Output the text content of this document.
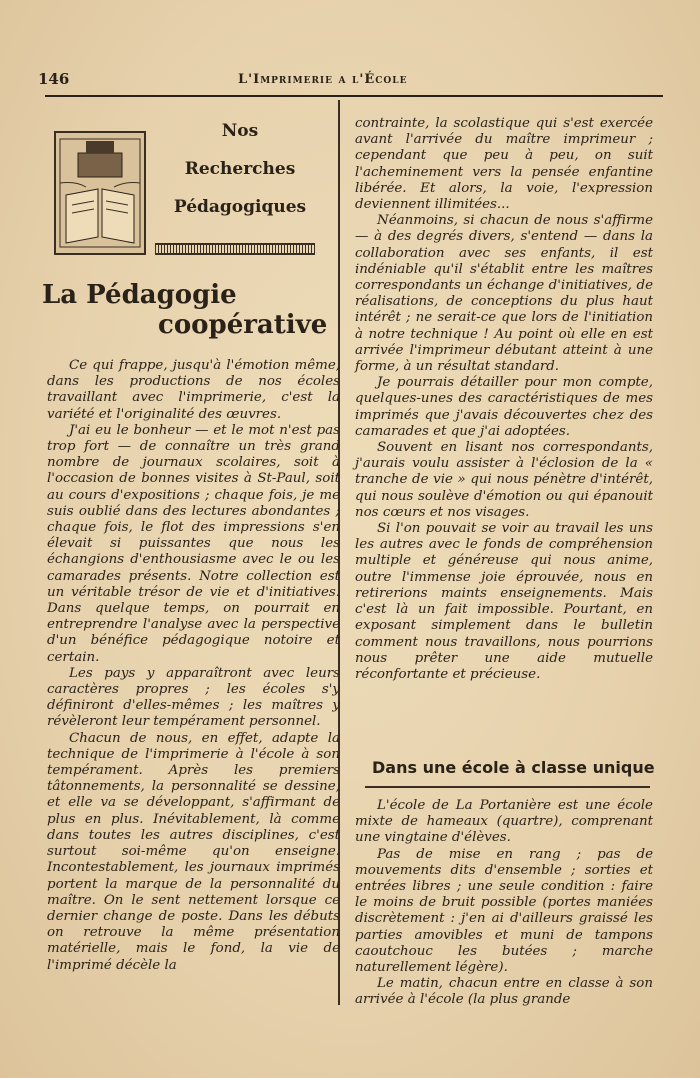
146	L'Imprimerie a l'École
Nos
Recherches
Pédagogiques
La Pédagogie
coopérative

Ce qui frappe, jusqu'à l'émotion même, dans les productions de nos écoles travaillant avec l'imprimerie, c'est la variété et l'originalité des œuvres.

J'ai eu le bonheur — et le mot n'est pas trop fort — de connaître un très grand nombre de journaux scolaires, soit à l'occasion de bonnes visites à St-Paul, soit au cours d'expositions ; chaque fois, je me suis oublié dans des lectures abondantes ; chaque fois, le flot des impressions s'en élevait si puissantes que nous les échangions d'enthousiasme avec le ou les camarades présents. Notre collection est un véritable trésor de vie et d'initiatives. Dans quelque temps, on pourrait en entreprendre l'analyse avec la perspective d'un bénéfice pédagogique notoire et certain.

Les pays y apparaîtront avec leurs caractères propres ; les écoles s'y définiront d'elles-mêmes ; les maîtres y révèleront leur tempérament personnel.

Chacun de nous, en effet, adapte la technique de l'imprimerie à l'école à son tempérament. Après les premiers tâtonnements, la personnalité se dessine, et elle va se développant, s'affirmant de plus en plus. Inévitablement, là comme dans toutes les autres disciplines, c'est surtout soi-même qu'on enseigne. Incontestablement, les journaux imprimés portent la marque de la personnalité du maître. On le sent nettement lorsque ce dernier change de poste. Dans les débuts on retrouve la même présentation matérielle, mais le fond, la vie de l'imprimé décèle la

contrainte, la scolastique qui s'est exercée avant l'arrivée du maître imprimeur ; cependant que peu à peu, on suit l'acheminement vers la pensée enfantine libérée. Et alors, la voie, l'expression deviennent illimitées...

Néanmoins, si chacun de nous s'affirme — à des degrés divers, s'entend — dans la collaboration avec ses enfants, il est indéniable qu'il s'établit entre les maîtres correspondants un échange d'initiatives, de réalisations, de conceptions du plus haut intérêt ; ne serait-ce que lors de l'initiation à notre technique ! Au point où elle en est arrivée l'imprimeur débutant atteint à une forme, à un résultat standard.

Je pourrais détailler pour mon compte, quelques-unes des caractéristiques de mes imprimés que j'avais découvertes chez des camarades et que j'ai adoptées.

Souvent en lisant nos correspondants, j'aurais voulu assister à l'éclosion de la « tranche de vie » qui nous pénètre d'intérêt, qui nous soulève d'émotion ou qui épanouit nos cœurs et nos visages.

Si l'on pouvait se voir au travail les uns les autres avec le fonds de compréhension multiple et généreuse qui nous anime, outre l'immense joie éprouvée, nous en retirerions maints enseignements. Mais c'est là un fait impossible. Pourtant, en exposant simplement dans le bulletin comment nous travaillons, nous pourrions nous prêter une aide mutuelle réconfortante et précieuse.

Dans une école à classe unique

L'école de La Portanière est une école mixte de hameaux (quartre), comprenant une vingtaine d'élèves.

Pas de mise en rang ; pas de mouvements dits d'ensemble ; sorties et entrées libres ; une seule condition : faire le moins de bruit possible (portes maniées discrètement : j'en ai d'ailleurs graissé les parties amovibles et muni de tampons caoutchouc les butées ; marche naturellement légère).

Le matin, chacun entre en classe à son arrivée à l'école (la plus grande
